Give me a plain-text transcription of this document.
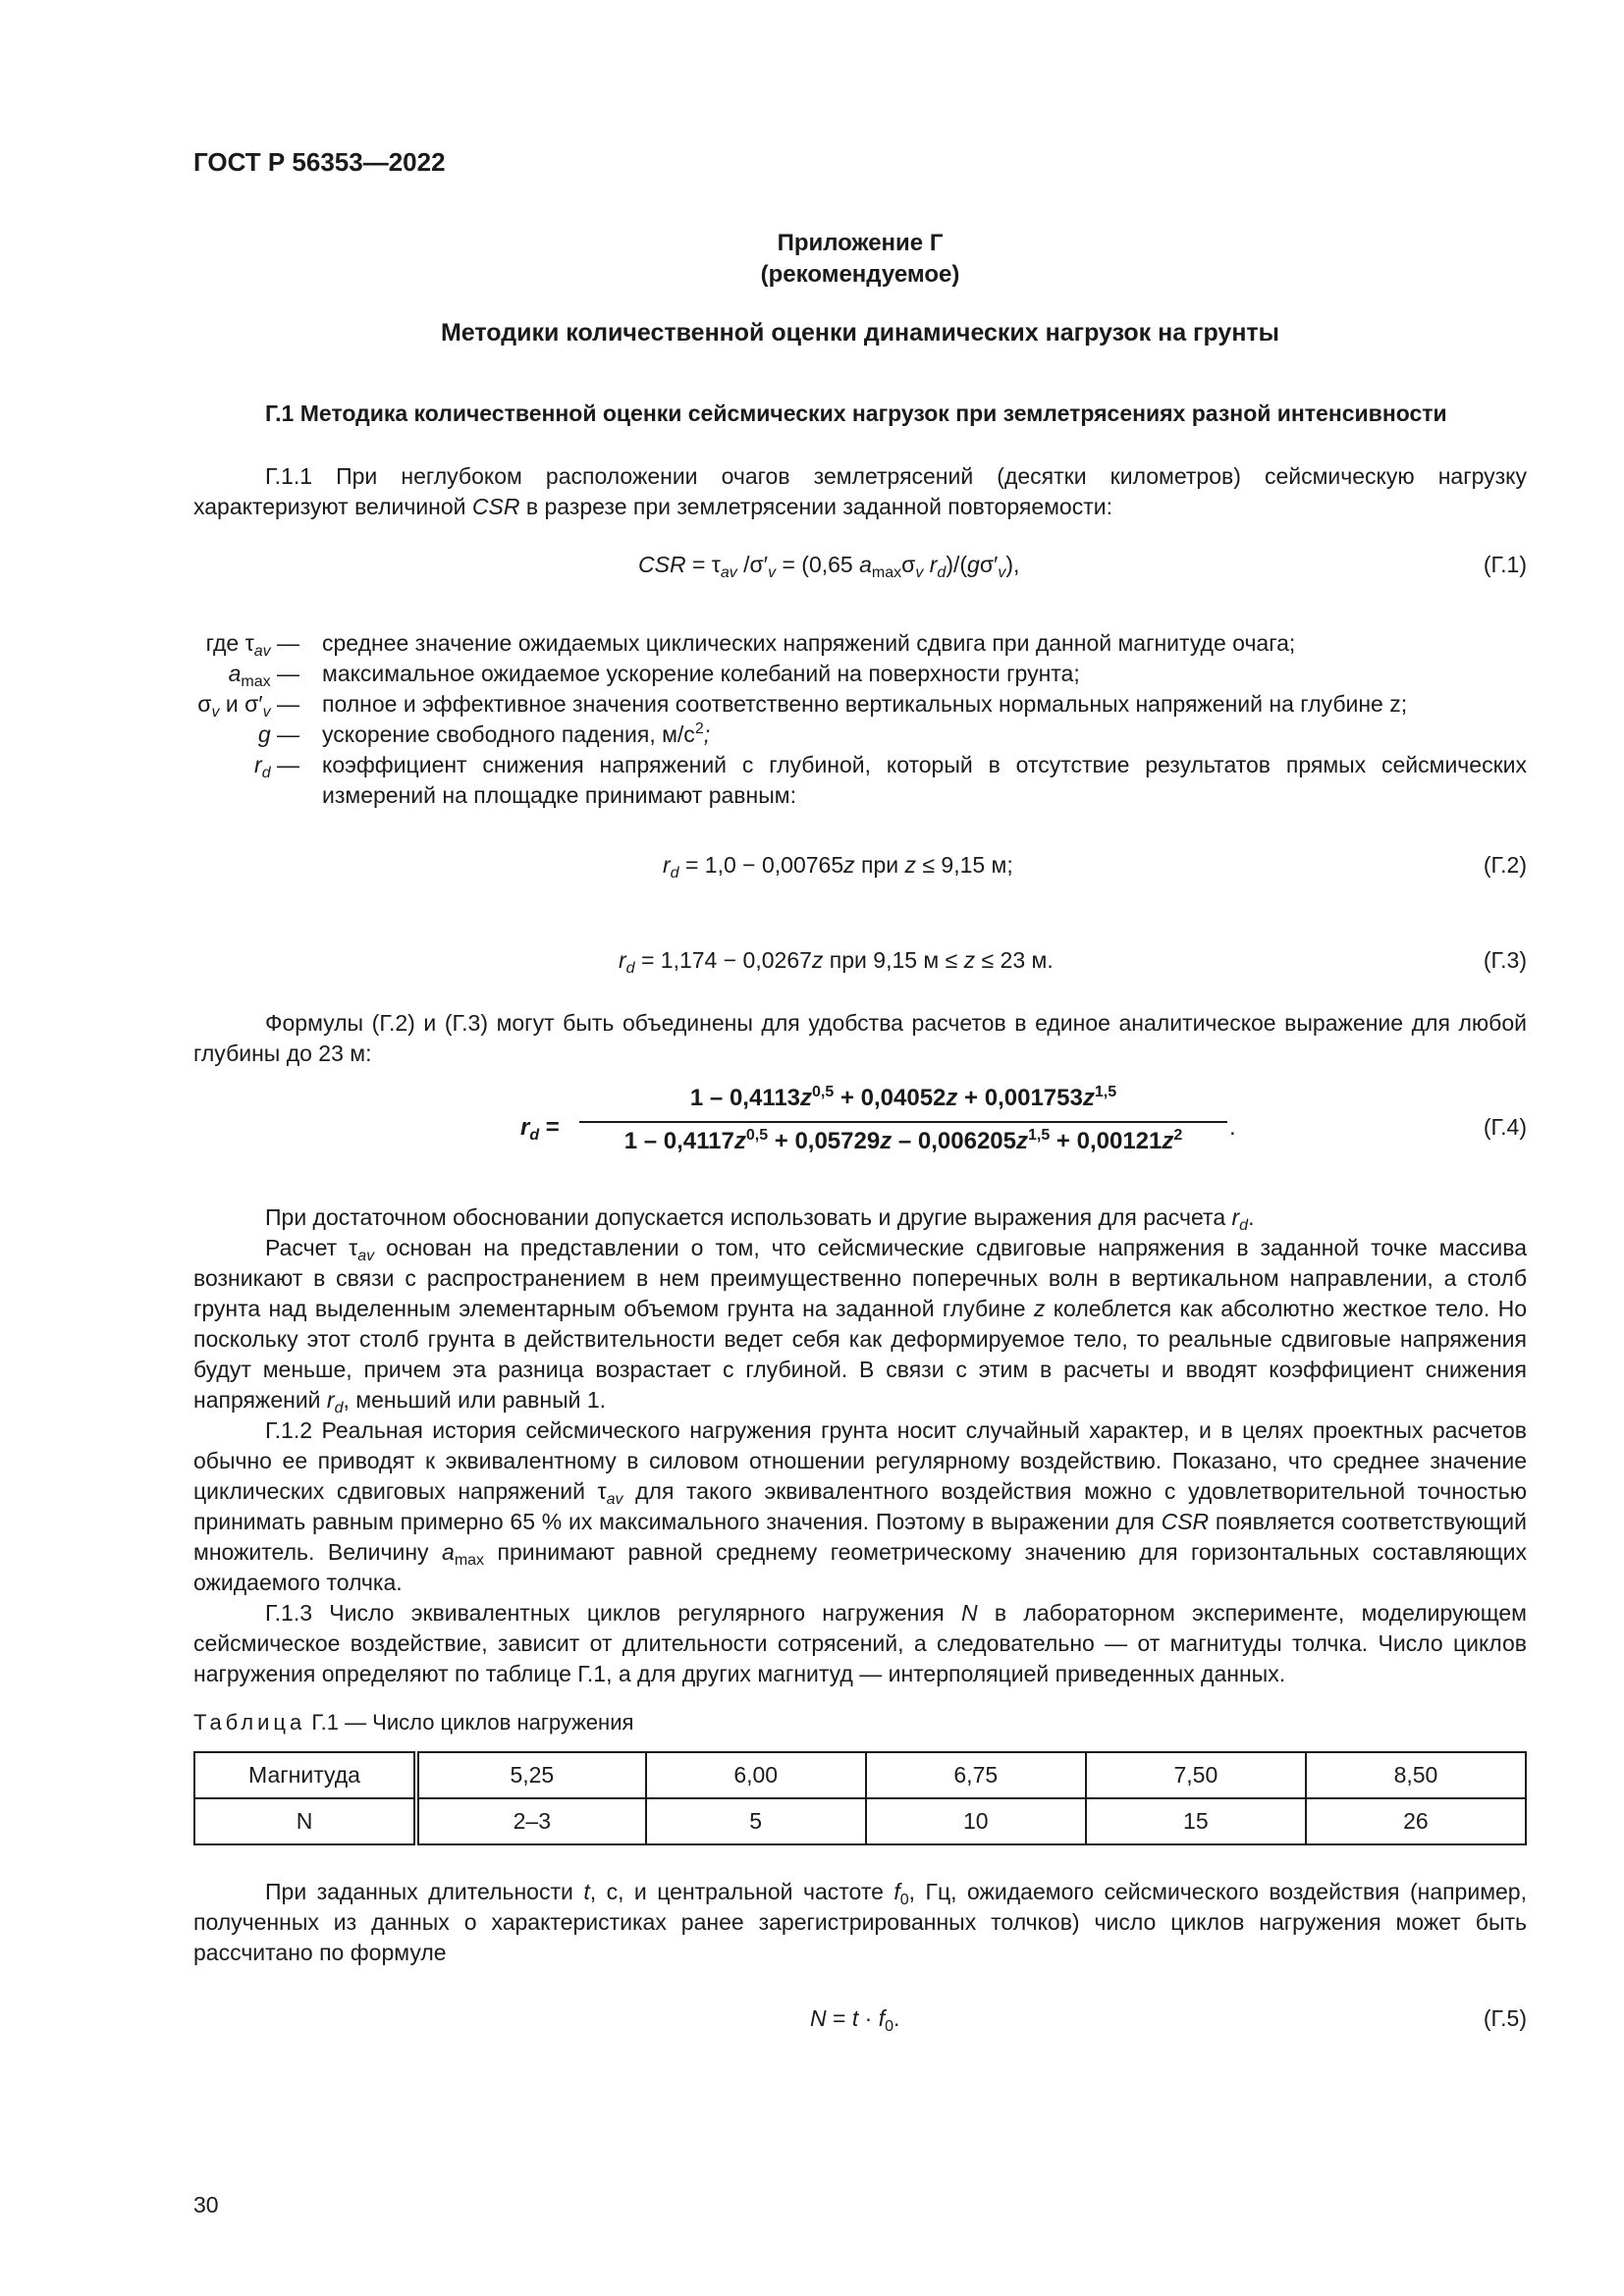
ГОСТ Р 56353—2022
Приложение Г
(рекомендуемое)
Методики количественной оценки динамических нагрузок на грунты
Г.1 Методика количественной оценки сейсмических нагрузок при землетрясениях разной интенсивности

Г.1.1 При неглубоком расположении очагов землетрясений (десятки километров) сейсмическую нагрузку характеризуют величиной CSR в разрезе при землетрясении заданной повторяемости:

CSR = $\tau_{av}$ $/\sigma'_v = (0,65$ $a_{max}\sigma_v$ $r_d)/(g\sigma'_v)$,	(Г.1)
где $\tau_{av}$ — среднее значение ожидаемых циклических напряжений сдвига при данной магнитуде очага;
$a_{max}$ — максимальное ожидаемое ускорение колебаний на поверхности грунта;
$\sigma_v$ и $\sigma'_v$ — полное и эффективное значения соответственно вертикальных нормальных напряжений на глубине z;
g — ускорение свободного падения, $м/с^2$;
$r_d$ — коэффициент снижения напряжений с глубиной, который в отсутствие результатов прямых сейсмических измерений на площадке принимают равным:
$r_d = 1,0 - 0,00765z$ при z ≤ 9,15 м;	(Г.2)
$r_d = 1,174 - 0,0267z$ при 9,15 м ≤ z ≤ 23 м.	(Г.3)

Формулы (Г.2) и (Г.3) могут быть объединены для удобства расчетов в единое аналитическое выражение для любой глубины до 23 м:

$r_d$ =
$1 - 0,4113z^{0,5} + 0,04052z + 0,001753z^{1,5}$
$1 - 0,4117z^{0,5} + 0,05729z - 0,006205z^{1,5} + 0,00121z^2$	.	(Г.4)

При достаточном обосновании допускается использовать и другие выражения для расчета $r_d$.

Расчет $\tau_{av}$ основан на представлении о том, что сейсмические сдвиговые напряжения в заданной точке массива возникают в связи с распространением в нем преимущественно поперечных волн в вертикальном направлении, а столб грунта над выделенным элементарным объемом грунта на заданной глубине z колеблется как абсолютно жесткое тело. Но поскольку этот столб грунта в действительности ведет себя как деформируемое тело, то реальные сдвиговые напряжения будут меньше, причем эта разница возрастает с глубиной. В связи с этим в расчеты и вводят коэффициент снижения напряжений $r_d$, меньший или равный 1.

Г.1.2 Реальная история сейсмического нагружения грунта носит случайный характер, и в целях проектных расчетов обычно ее приводят к эквивалентному в силовом отношении регулярному воздействию. Показано, что среднее значение циклических сдвиговых напряжений $\tau_{av}$ для такого эквивалентного воздействия можно с удовлетворительной точностью принимать равным примерно 65 % их максимального значения. Поэтому в выражении для CSR появляется соответствующий множитель. Величину $a_{max}$ принимают равной среднему геометрическому значению для горизонтальных составляющих ожидаемого толчка.

Г.1.3 Число эквивалентных циклов регулярного нагружения N в лабораторном эксперименте, моделирующем сейсмическое воздействие, зависит от длительности сотрясений, а следовательно — от магнитуды толчка. Число циклов нагружения определяют по таблице Г.1, а для других магнитуд — интерполяцией приведенных данных.

Таблица Г.1 — Число циклов нагружения
Магнитуда	5,25	6,00	6,75	7,50	8,50
N	2–3	5	10	15	26

При заданных длительности t, с, и центральной частоте $f_0$, Гц, ожидаемого сейсмического воздействия (например, полученных из данных о характеристиках ранее зарегистрированных толчков) число циклов нагружения может быть рассчитано по формуле

$N = t \cdot f_0$.	(Г.5)
30
